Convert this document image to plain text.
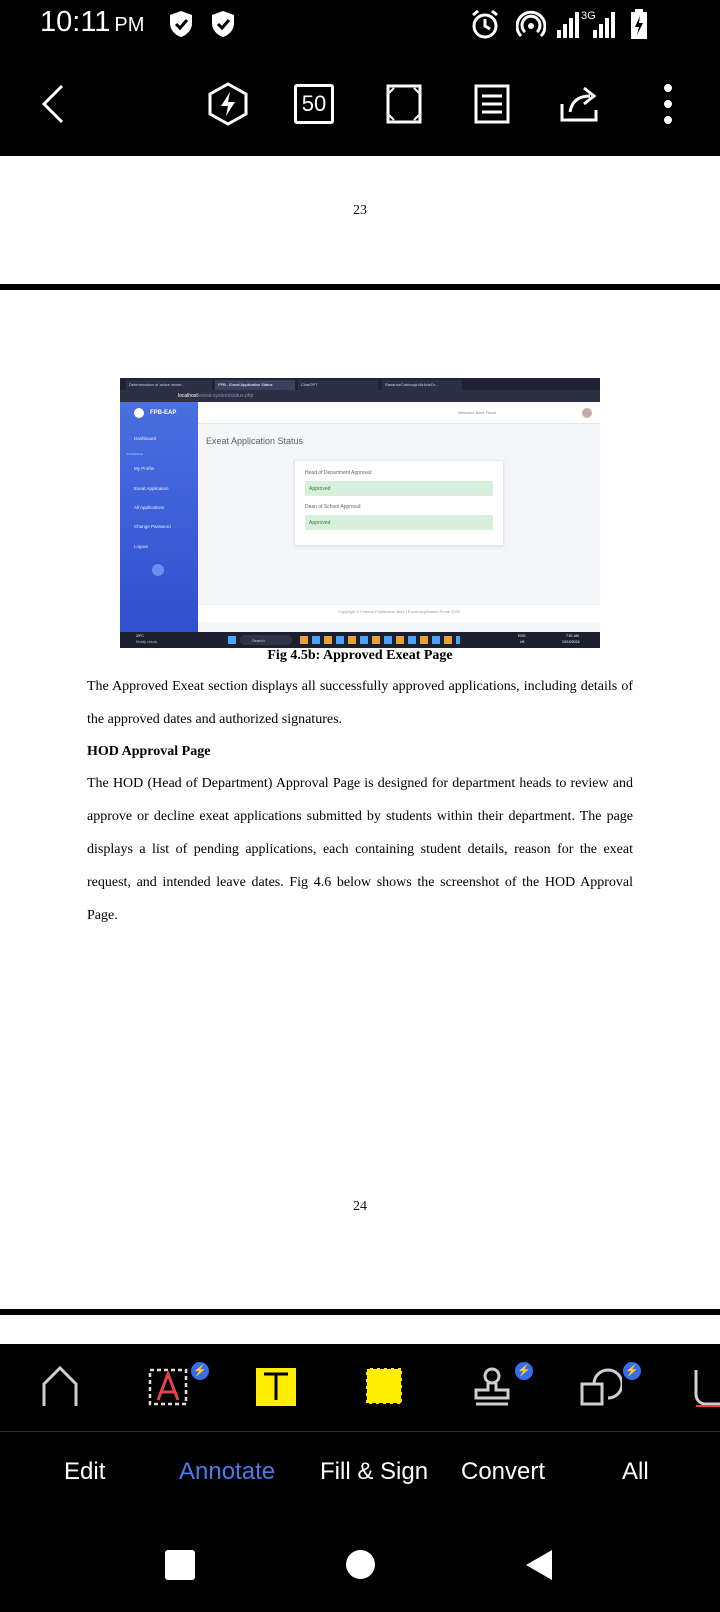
10:11 PM	3G
50
23
Determination of active sewer...	FPB - Exeat Application Status	ChatGPT	RasanceCabicoglu/ArticleDr...
localhost/exeat-system/status.php
FPB-EAP
Dashboard
INTERFACE
My Profile
Exeat Application
All Applications
Change Password
Logout
Welcome Back Fiona
Exeat Application Status
Head of Department Approval:
Approved
Dean of School Approval:
Approved
Copyright © Federal Polytechnic Bida | Exeat Application Portal 2024
29°C
Mostly cloudy	Search
ENG
UK
7:51 AM
10/15/2024
Fig 4.5b: Approved Exeat Page
The Approved Exeat section displays all successfully approved applications, including details of the approved dates and authorized signatures.
HOD Approval Page
The HOD (Head of Department) Approval Page is designed for department heads to review and approve or decline exeat applications submitted by students within their department. The page displays a list of pending applications, each containing student details, reason for the exeat request, and intended leave dates. Fig 4.6 below shows the screenshot of the HOD Approval Page.
24
⚡	⚡	⚡
Edit	Annotate Fill & Sign Convert	All
